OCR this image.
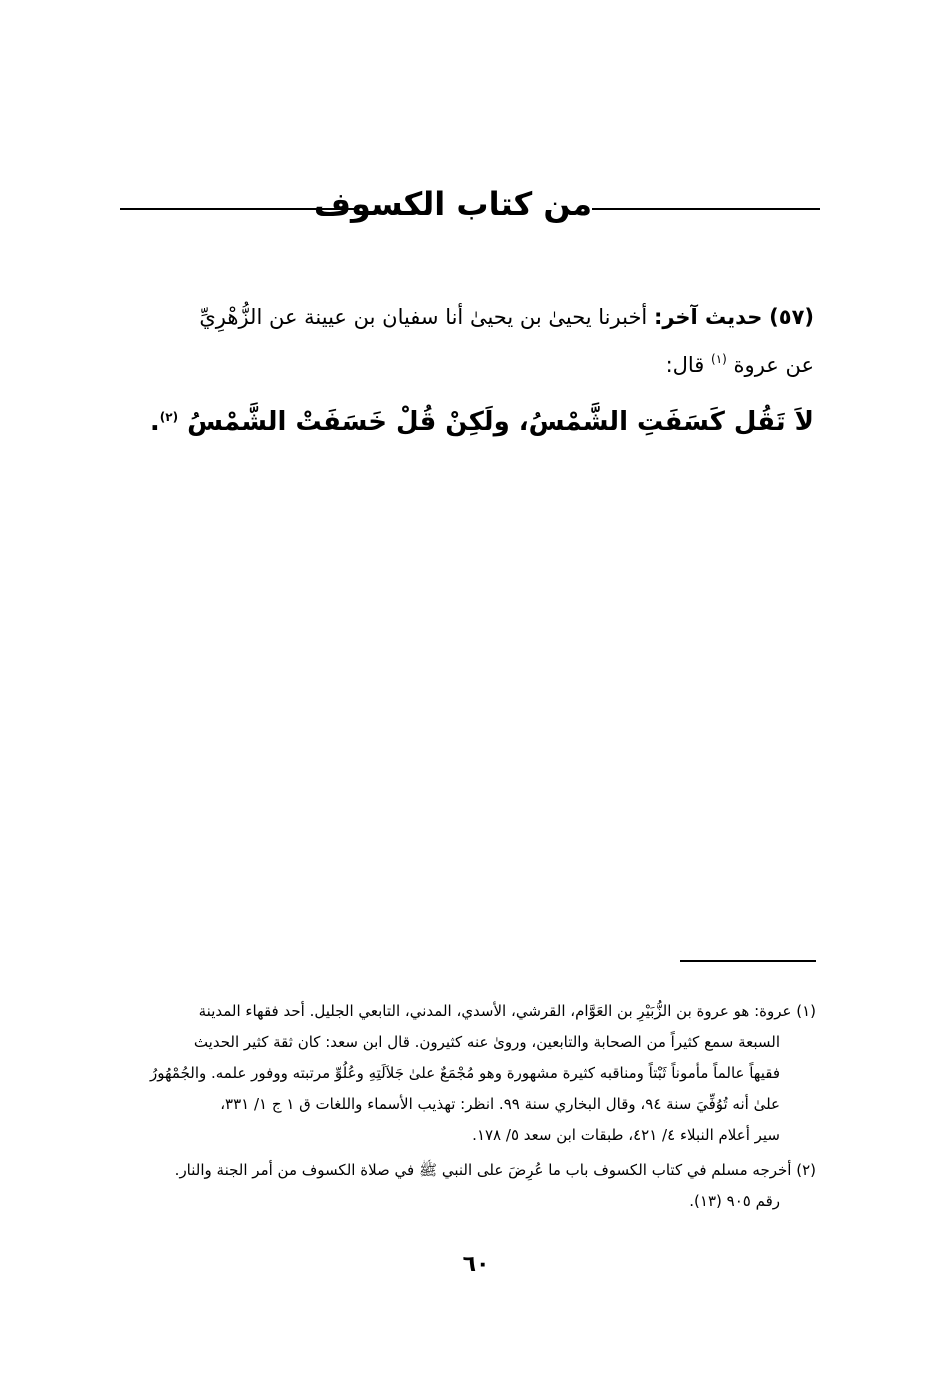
من كتاب الكسوف
(٥٧) حديث آخر: أخبرنا يحيىٰ بن يحيىٰ أنا سفيان بن عيينة عن الزُّهْرِيِّ
عن عروة $^{(١)}$ قال:
لاَ تَقُل كَسَفَتِ الشَّمْسُ، ولَكِنْ قُلْ خَسَفَتْ الشَّمْسُ $^{(٢)}$.
(١) عروة: هو عروة بن الزُّبَيْرِ بن العَوَّام، القرشي، الأسدي، المدني، التابعي الجليل. أحد فقهاء المدينة
السبعة سمع كثيراً من الصحابة والتابعين، وروىٰ عنه كثيرون. قال ابن سعد: كان ثقة كثير الحديث
فقيهاً عالماً مأموناً ثَبْتاً ومناقبه كثيرة مشهورة وهو مُجْمَعٌ علىٰ جَلاَلَتِهِ وعُلُوِّ مرتبته ووفور علمه. والجُمْهُورُ
علىٰ أنه تُوُفِّيَ سنة ٩٤، وقال البخاري سنة ٩٩. انظر: تهذيب الأسماء واللغات ق ١ ج ١/ ٣٣١،
سير أعلام النبلاء ٤/ ٤٢١، طبقات ابن سعد ٥/ ١٧٨.
(٢) أخرجه مسلم في كتاب الكسوف باب ما عُرِضَ على النبي ﷺ في صلاة الكسوف من أمر الجنة والنار.
رقم ٩٠٥ (١٣).
٦٠
